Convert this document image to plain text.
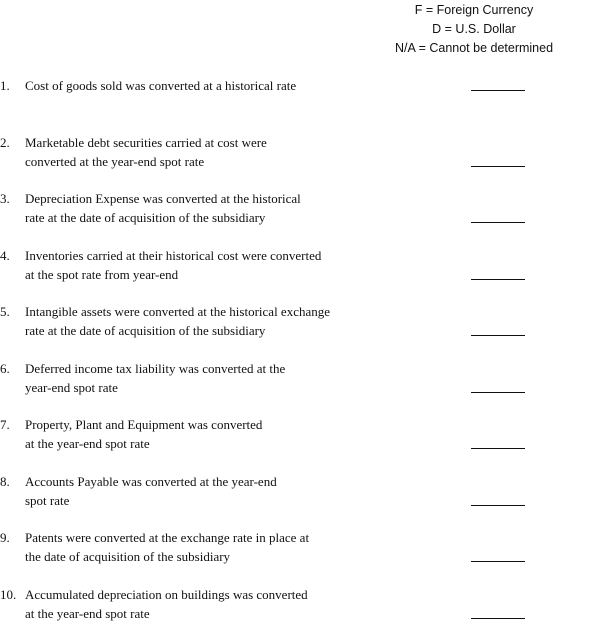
F = Foreign Currency
D = U.S. Dollar
N/A = Cannot be determined
1.	Cost of goods sold was converted at a historical rate
2.	Marketable debt securities carried at cost were
converted at the year-end spot rate
3.	Depreciation Expense was converted at the historical
rate at the date of acquisition of the subsidiary
4.	Inventories carried at their historical cost were converted
at the spot rate from year-end
5.	Intangible assets were converted at the historical exchange
rate at the date of acquisition of the subsidiary
6.	Deferred income tax liability was converted at the
year-end spot rate
7.	Property, Plant and Equipment was converted
at the year-end spot rate
8.	Accounts Payable was converted at the year-end
spot rate
9.	Patents were converted at the exchange rate in place at
the date of acquisition of the subsidiary
10. Accumulated depreciation on buildings was converted
at the year-end spot rate
